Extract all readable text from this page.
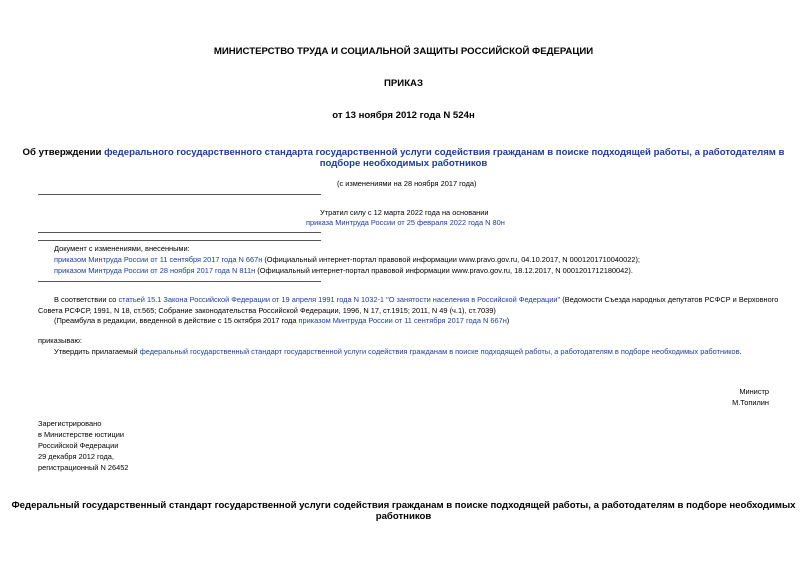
МИНИСТЕРСТВО ТРУДА И СОЦИАЛЬНОЙ ЗАЩИТЫ РОССИЙСКОЙ ФЕДЕРАЦИИ
ПРИКАЗ
от 13 ноября 2012 года N 524н
Об утверждении федерального государственного стандарта государственной услуги содействия гражданам в поиске подходящей работы, а работодателям в
подборе необходимых работников
(с изменениями на 28 ноября 2017 года)
Утратил силу с 12 марта 2022 года на основании
приказа Минтруда России от 25 февраля 2022 года N 80н
Документ с изменениями, внесенными:
приказом Минтруда России от 11 сентября 2017 года N 667н (Официальный интернет-портал правовой информации www.pravo.gov.ru, 04.10.2017, N 0001201710040022);
приказом Минтруда России от 28 ноября 2017 года N 811н (Официальный интернет-портал правовой информации www.pravo.gov.ru, 18.12.2017, N 0001201712180042).
В соответствии со статьей 15.1 Закона Российской Федерации от 19 апреля 1991 года N 1032-1 "О занятости населения в Российской Федерации" (Ведомости Съезда народных депутатов РСФСР и Верховного
Совета РСФСР, 1991, N 18, ст.565; Собрание законодательства Российской Федерации, 1996, N 17, ст.1915; 2011, N 49 (ч.1), ст.7039)
(Преамбула в редакции, введенной в действие с 15 октября 2017 года приказом Минтруда России от 11 сентября 2017 года N 667н)
приказываю:
Утвердить прилагаемый федеральный государственный стандарт государственной услуги содействия гражданам в поиске подходящей работы, а работодателям в подборе необходимых работников.
Министр
М.Топилин
Зарегистрировано
в Министерстве юстиции
Российской Федерации
29 декабря 2012 года,
регистрационный N 26452
Федеральный государственный стандарт государственной услуги содействия гражданам в поиске подходящей работы, а работодателям в подборе необходимых
работников
